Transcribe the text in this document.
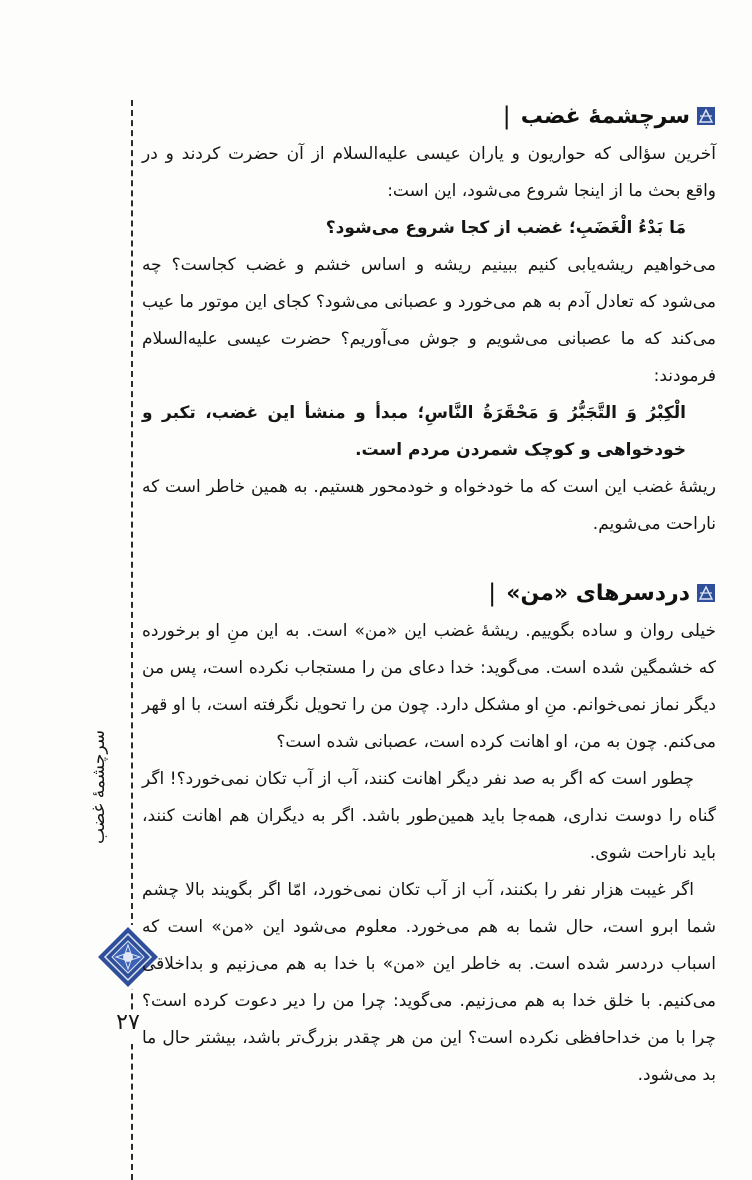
سرچشمهٔ غضب
۲۷
سرچشمهٔ غضب
|

آخرین سؤالی که حواریون و یاران عیسی علیه‌السلام از آن حضرت کردند و در واقع بحث ما از اینجا شروع می‌شود، این است:

مَا بَدْءُ الْغَضَبِ؛ غضب از کجا شروع می‌شود؟

می‌خواهیم ریشه‌یابی کنیم ببینیم ریشه و اساس خشم و غضب کجاست؟ چه می‌شود که تعادل آدم به هم می‌خورد و عصبانی می‌شود؟ کجای این موتور ما عیب می‌کند که ما عصبانی می‌شویم و جوش می‌آوریم؟ حضرت عیسی علیه‌السلام فرمودند:

الْكِبْرُ وَ التَّجَبُّرُ وَ مَحْقَرَةُ النَّاسِ؛ مبدأ و منشأ این غضب، تکبر و خودخواهی و کوچک شمردن مردم است.

ریشهٔ غضب این است که ما خودخواه و خودمحور هستیم. به همین خاطر است که ناراحت می‌شویم.

دردسرهای «من»
|

خیلی روان و ساده بگوییم. ریشهٔ غضب این «من» است. به این منِ او برخورده که خشمگین شده است. می‌گوید: خدا دعای من را مستجاب نکرده است، پس من دیگر نماز نمی‌خوانم. منِ او مشکل دارد. چون من را تحویل نگرفته است، با او قهر می‌کنم. چون به من، او اهانت کرده است، عصبانی شده است؟

چطور است که اگر به صد نفر دیگر اهانت کنند، آب از آب تکان نمی‌خورد؟! اگر گناه را دوست نداری، همه‌جا باید همین‌طور باشد. اگر به دیگران هم اهانت کنند، باید ناراحت شوی.

اگر غیبت هزار نفر را بکنند، آب از آب تکان نمی‌خورد، امّا اگر بگویند بالا چشم شما ابرو است، حال شما به هم می‌خورد. معلوم می‌شود این «من» است که اسباب دردسر شده است. به خاطر این «من» با خدا به هم می‌زنیم و بداخلاقی می‌کنیم. با خلق خدا به هم می‌زنیم. می‌گوید: چرا من را دیر دعوت کرده است؟ چرا با من خداحافظی نکرده است؟ این من هر چقدر بزرگ‌تر باشد، بیشتر حال ما بد می‌شود.
